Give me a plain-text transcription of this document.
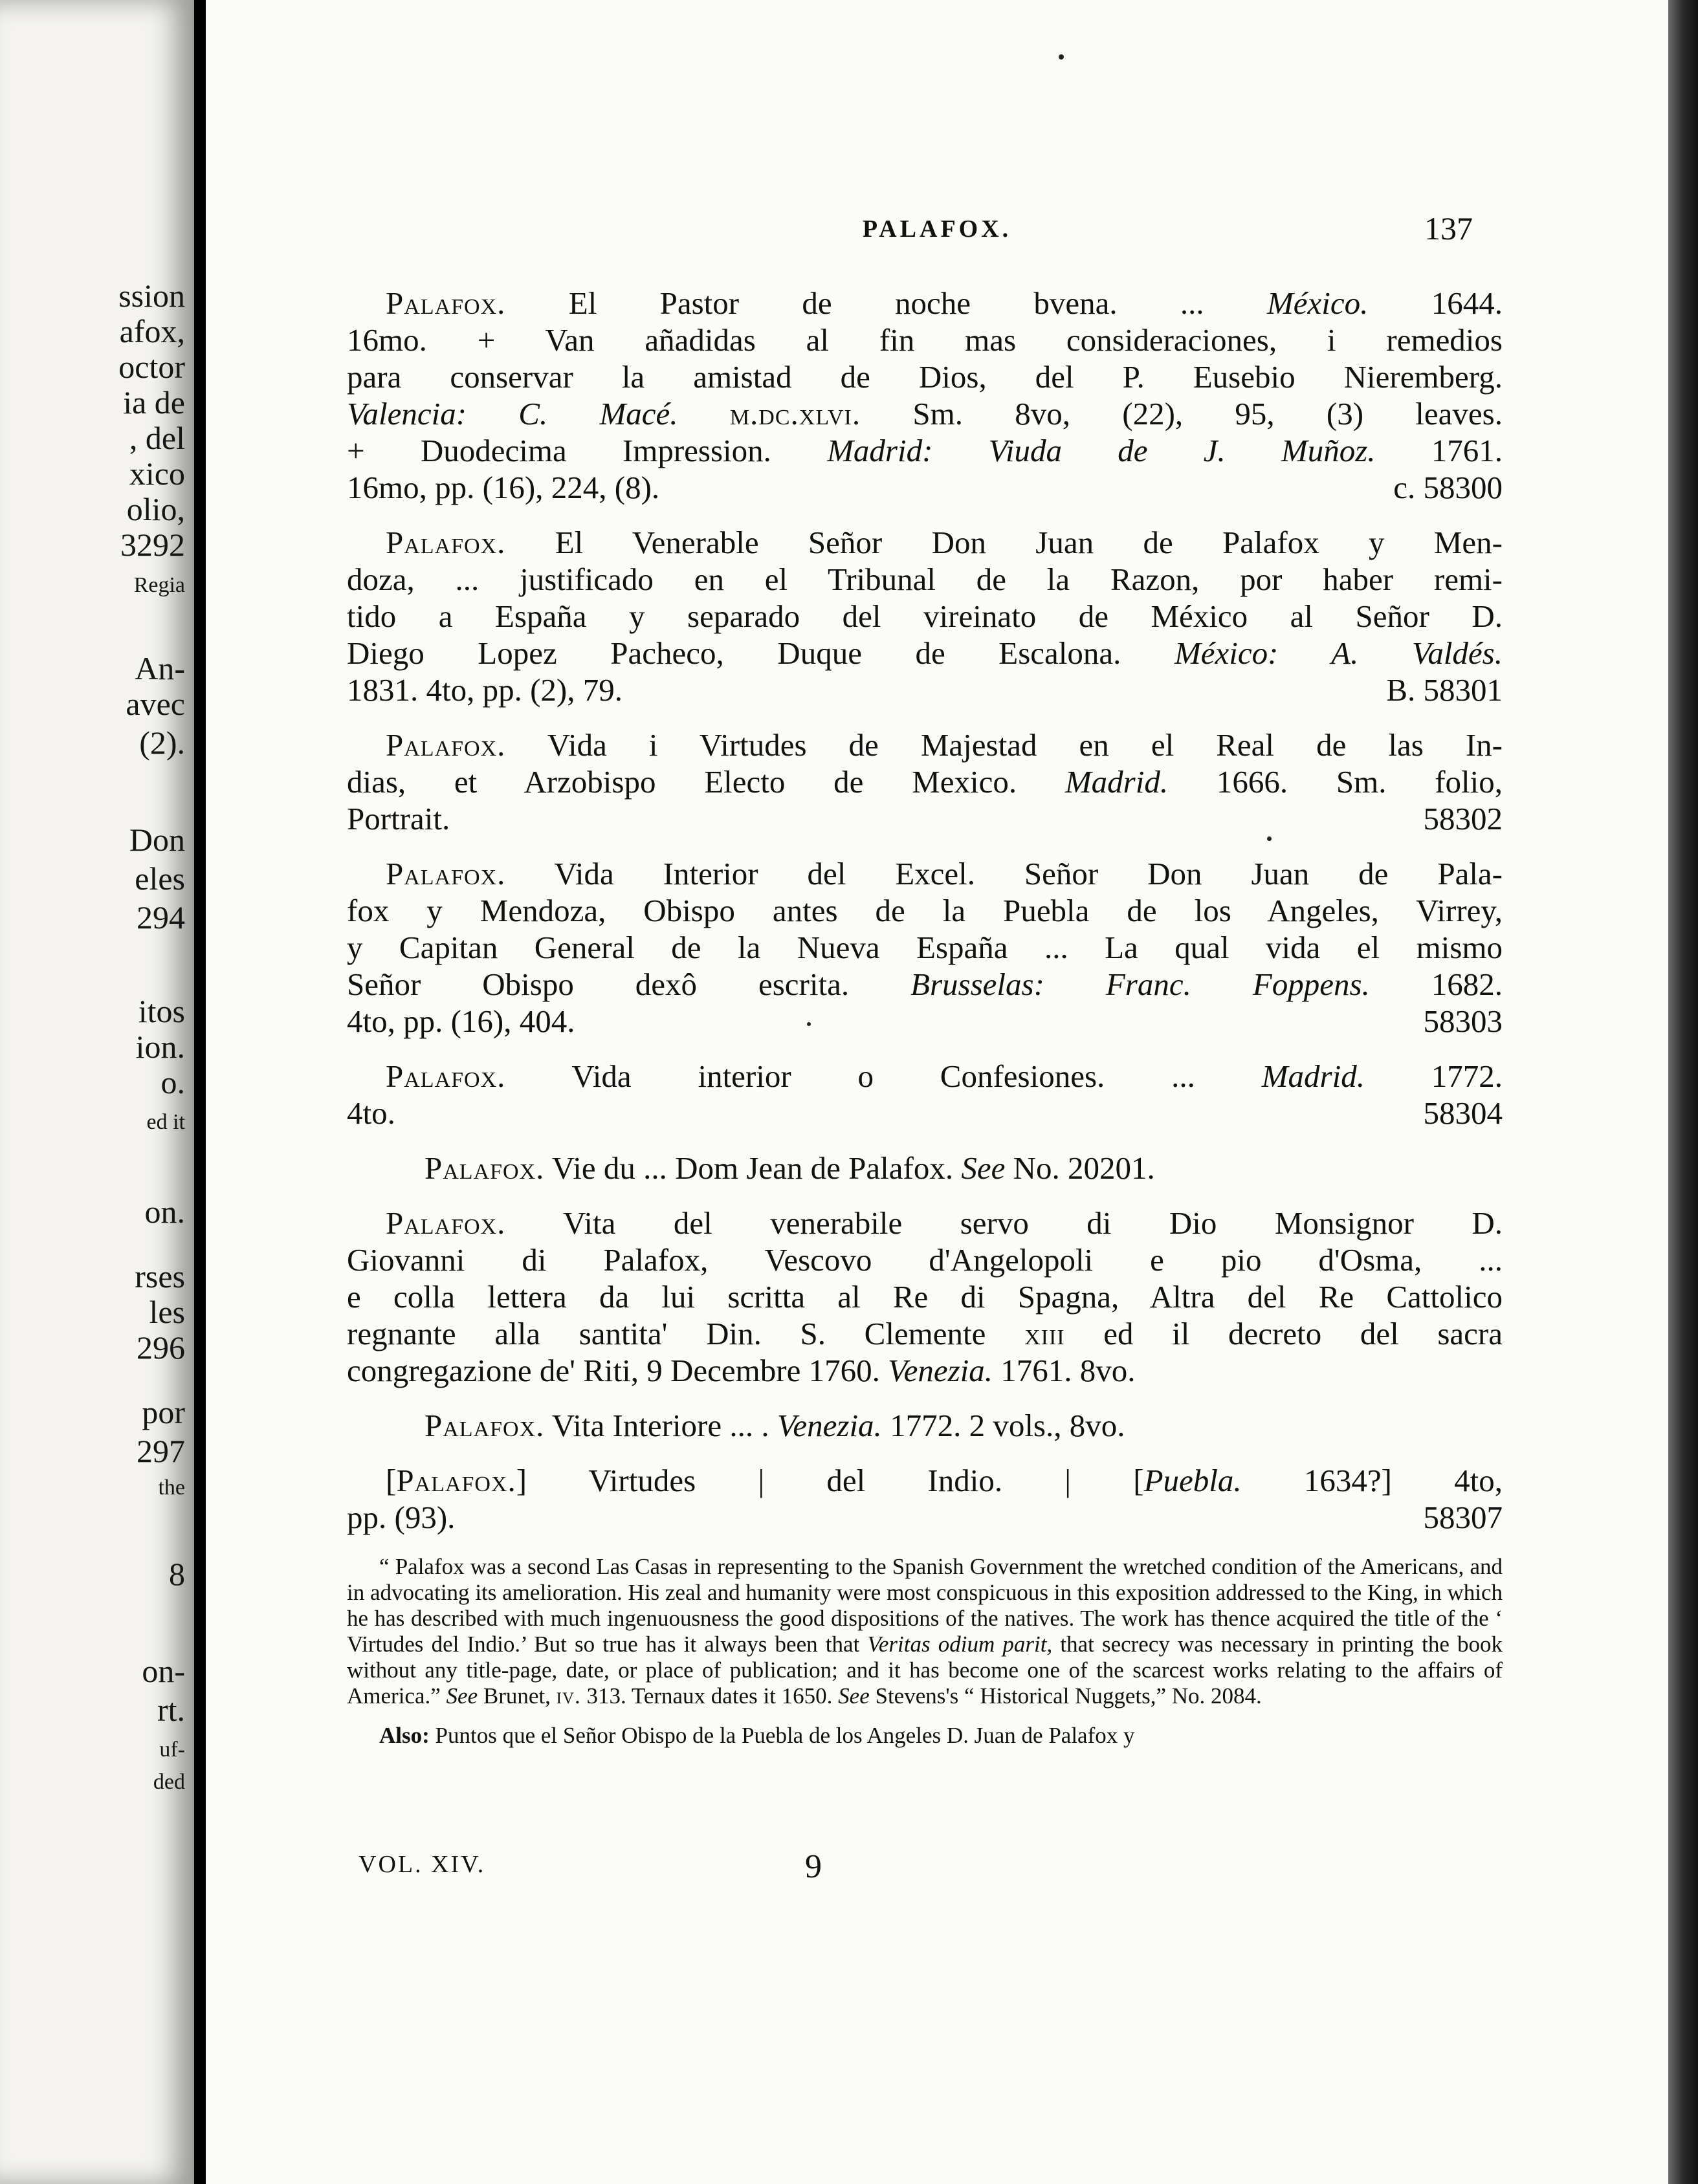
ssion
afox,
octor
ia de
, del
xico
olio,
3292
Regia
An-
avec
(2).
Don
eles
294
itos
ion.
o.
ed it
on.
rses
les
296
por
297
the
8
on-
rt.
uf-
ded
PALAFOX.	137
Palafox. El Pastor de noche bvena. ... México. 1644.
16mo. + Van añadidas al fin mas consideraciones, i remedios
para conservar la amistad de Dios, del P. Eusebio Nieremberg.
Valencia: C. Macé. m.dc.xlvi. Sm. 8vo, (22), 95, (3) leaves.
+ Duodecima Impression. Madrid: Viuda de J. Muñoz. 1761.
16mo, pp. (16), 224, (8).	c. 58300
Palafox. El Venerable Señor Don Juan de Palafox y Men-
doza, ... justificado en el Tribunal de la Razon, por haber remi-
tido a España y separado del vireinato de México al Señor D.
Diego Lopez Pacheco, Duque de Escalona. México: A. Valdés.
1831. 4to, pp. (2), 79.	B. 58301
Palafox. Vida i Virtudes de Majestad en el Real de las In-
dias, et Arzobispo Electo de Mexico. Madrid. 1666. Sm. folio,
Portrait.	58302
Palafox. Vida Interior del Excel. Señor Don Juan de Pala-
fox y Mendoza, Obispo antes de la Puebla de los Angeles, Virrey,
y Capitan General de la Nueva España ... La qual vida el mismo
Señor Obispo dexô escrita. Brusselas: Franc. Foppens. 1682.
4to, pp. (16), 404.	58303
Palafox. Vida interior o Confesiones. ... Madrid. 1772.
4to.	58304
Palafox. Vie du ... Dom Jean de Palafox. See No. 20201.
Palafox. Vita del venerabile servo di Dio Monsignor D.
Giovanni di Palafox, Vescovo d'Angelopoli e pio d'Osma, ...
e colla lettera da lui scritta al Re di Spagna, Altra del Re Cattolico
regnante alla santita' Din. S. Clemente xiii ed il decreto del sacra
congregazione de' Riti, 9 Decembre 1760. Venezia. 1761. 8vo.
Palafox. Vita Interiore ... . Venezia. 1772. 2 vols., 8vo.
[Palafox.] Virtudes | del Indio. | [Puebla. 1634?] 4to,
pp. (93).	58307
“ Palafox was a second Las Casas in representing to the Spanish Government the wretched condition of the Americans, and in advocating its amelioration. His zeal and humanity were most conspicuous in this exposition addressed to the King, in which he has described with much ingenuousness the good dispositions of the natives. The work has thence acquired the title of the ‘ Virtudes del Indio.’ But so true has it always been that Veritas odium parit, that secrecy was necessary in printing the book without any title-page, date, or place of publication; and it has become one of the scarcest works relating to the affairs of America.” See Brunet, iv. 313. Ternaux dates it 1650. See Stevens's “ Historical Nuggets,” No. 2084.
Also: Puntos que el Señor Obispo de la Puebla de los Angeles D. Juan de Palafox y
VOL. XIV.	9
